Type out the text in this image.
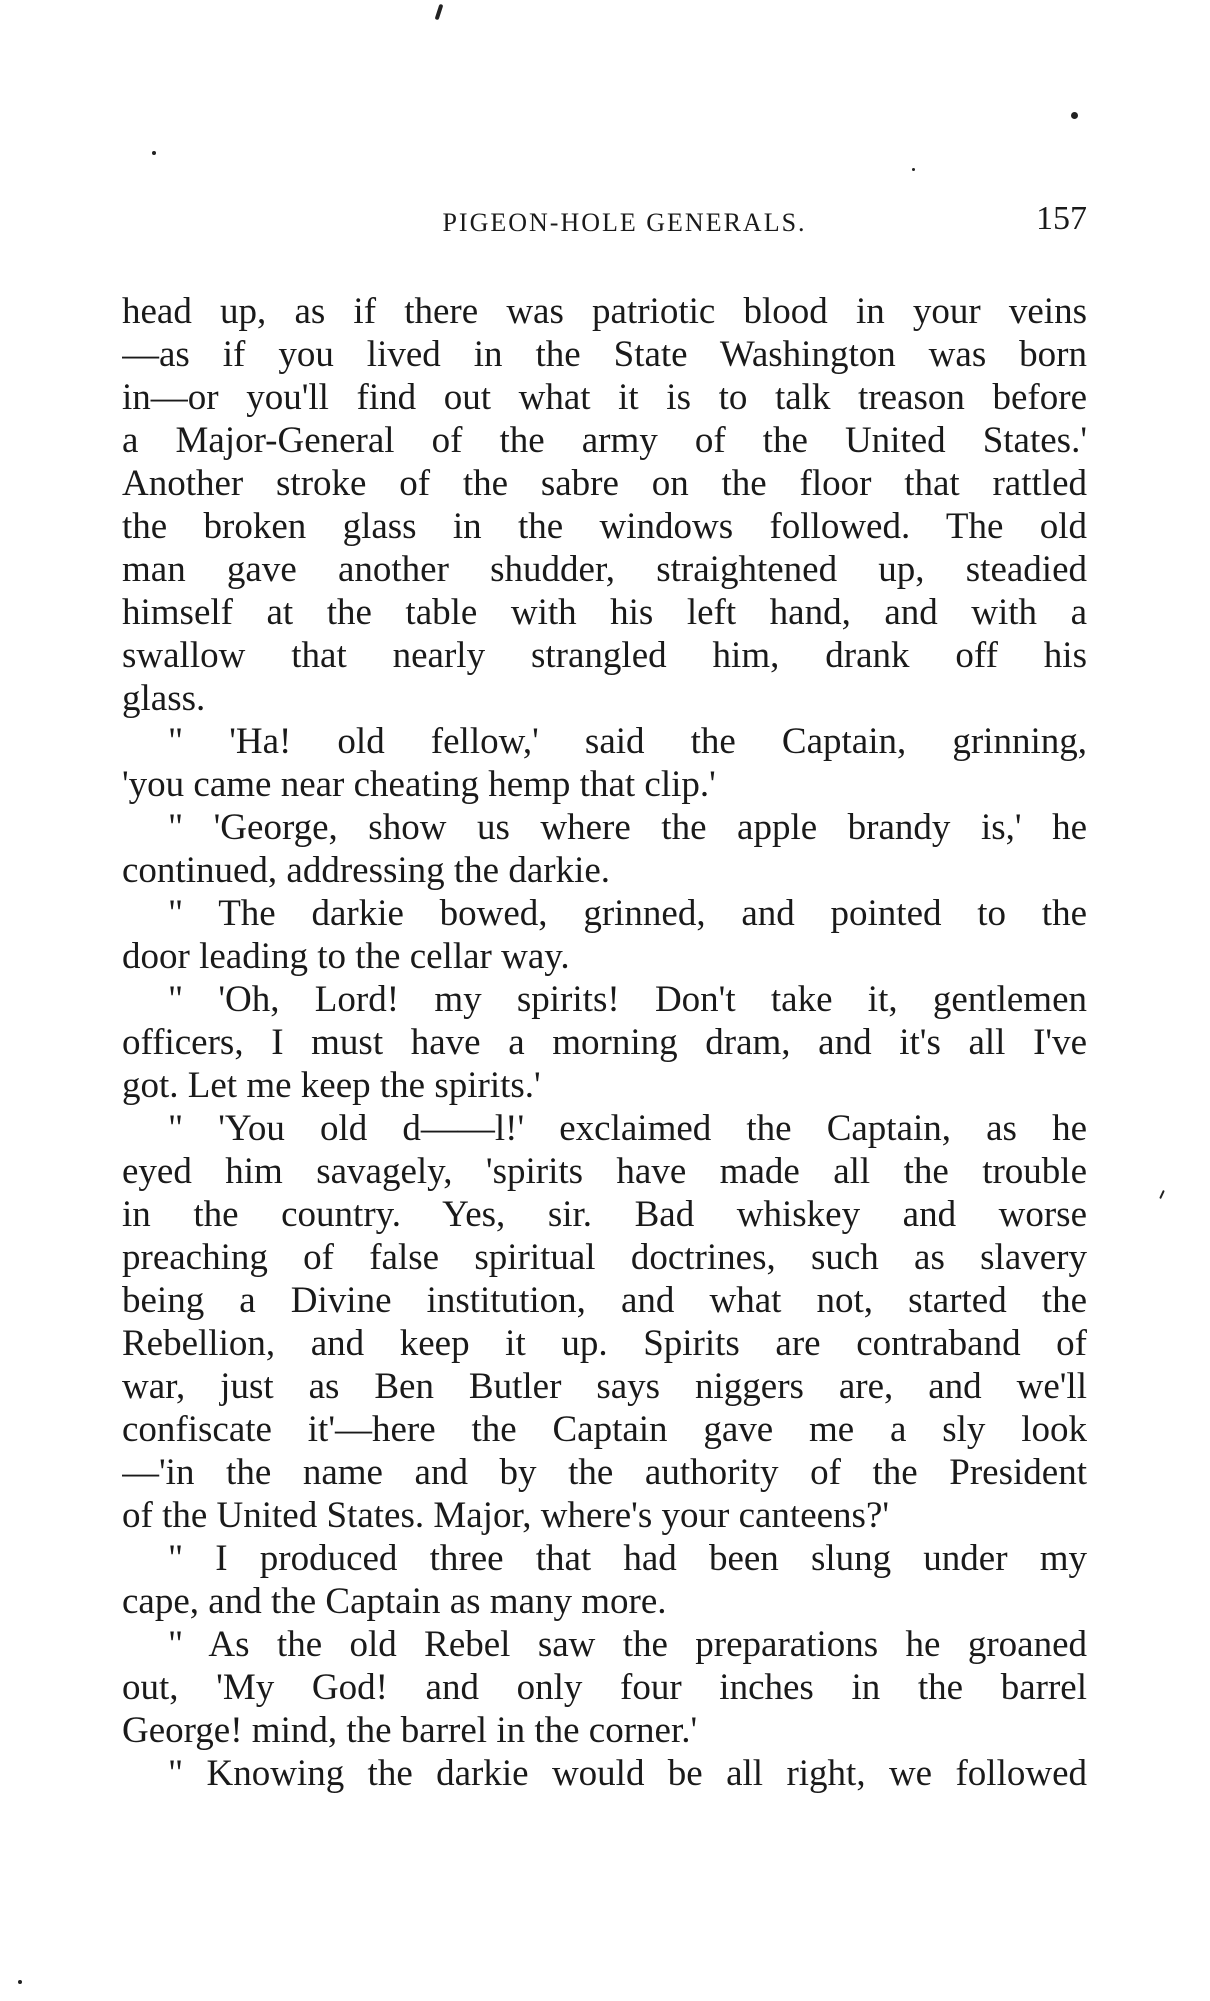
PIGEON-HOLE GENERALS.	157
head up, as if there was patriotic blood in your veins
—as if you lived in the State Washington was born
in—or you'll find out what it is to talk treason before
a Major-General of the army of the United States.'
Another stroke of the sabre on the floor that rattled
the broken glass in the windows followed. The old
man gave another shudder, straightened up, steadied
himself at the table with his left hand, and with a
swallow that nearly strangled him, drank off his
glass.
" 'Ha! old fellow,' said the Captain, grinning,
'you came near cheating hemp that clip.'
" 'George, show us where the apple brandy is,' he
continued, addressing the darkie.
" The darkie bowed, grinned, and pointed to the
door leading to the cellar way.
" 'Oh, Lord! my spirits! Don't take it, gentlemen
officers, I must have a morning dram, and it's all I've
got. Let me keep the spirits.'
" 'You old d——l!' exclaimed the Captain, as he
eyed him savagely, 'spirits have made all the trouble
in the country. Yes, sir. Bad whiskey and worse
preaching of false spiritual doctrines, such as slavery
being a Divine institution, and what not, started the
Rebellion, and keep it up. Spirits are contraband of
war, just as Ben Butler says niggers are, and we'll
confiscate it'—here the Captain gave me a sly look
—'in the name and by the authority of the President
of the United States. Major, where's your canteens?'
" I produced three that had been slung under my
cape, and the Captain as many more.
" As the old Rebel saw the preparations he groaned
out, 'My God! and only four inches in the barrel
George! mind, the barrel in the corner.'
" Knowing the darkie would be all right, we followed
